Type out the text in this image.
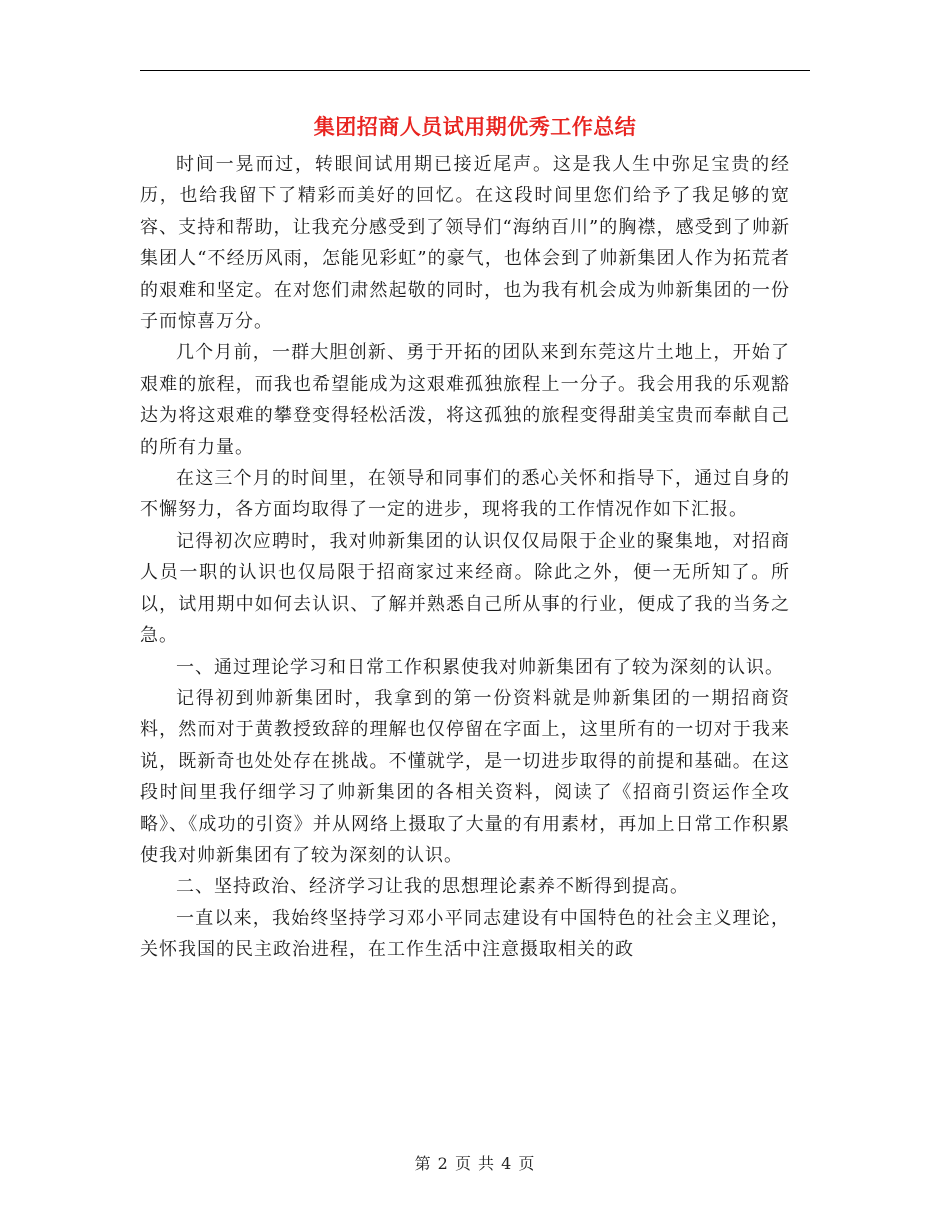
集团招商人员试用期优秀工作总结

时间一晃而过，转眼间试用期已接近尾声。这是我人生中弥足宝贵的经历，也给我留下了精彩而美好的回忆。在这段时间里您们给予了我足够的宽容、支持和帮助，让我充分感受到了领导们“海纳百川”的胸襟，感受到了帅新集团人“不经历风雨，怎能见彩虹”的豪气，也体会到了帅新集团人作为拓荒者的艰难和坚定。在对您们肃然起敬的同时，也为我有机会成为帅新集团的一份子而惊喜万分。

几个月前，一群大胆创新、勇于开拓的团队来到东莞这片土地上，开始了艰难的旅程，而我也希望能成为这艰难孤独旅程上一分子。我会用我的乐观豁达为将这艰难的攀登变得轻松活泼，将这孤独的旅程变得甜美宝贵而奉献自己的所有力量。

在这三个月的时间里，在领导和同事们的悉心关怀和指导下，通过自身的不懈努力，各方面均取得了一定的进步，现将我的工作情况作如下汇报。

记得初次应聘时，我对帅新集团的认识仅仅局限于企业的聚集地，对招商人员一职的认识也仅局限于招商家过来经商。除此之外，便一无所知了。所以，试用期中如何去认识、了解并熟悉自己所从事的行业，便成了我的当务之急。

一、通过理论学习和日常工作积累使我对帅新集团有了较为深刻的认识。

记得初到帅新集团时，我拿到的第一份资料就是帅新集团的一期招商资料，然而对于黄教授致辞的理解也仅停留在字面上，这里所有的一切对于我来说，既新奇也处处存在挑战。不懂就学，是一切进步取得的前提和基础。在这段时间里我仔细学习了帅新集团的各相关资料，阅读了《招商引资运作全攻略》、《成功的引资》并从网络上摄取了大量的有用素材，再加上日常工作积累使我对帅新集团有了较为深刻的认识。

二、坚持政治、经济学习让我的思想理论素养不断得到提高。

一直以来，我始终坚持学习邓小平同志建设有中国特色的社会主义理论，关怀我国的民主政治进程，在工作生活中注意摄取相关的政

第 2 页 共 4 页
